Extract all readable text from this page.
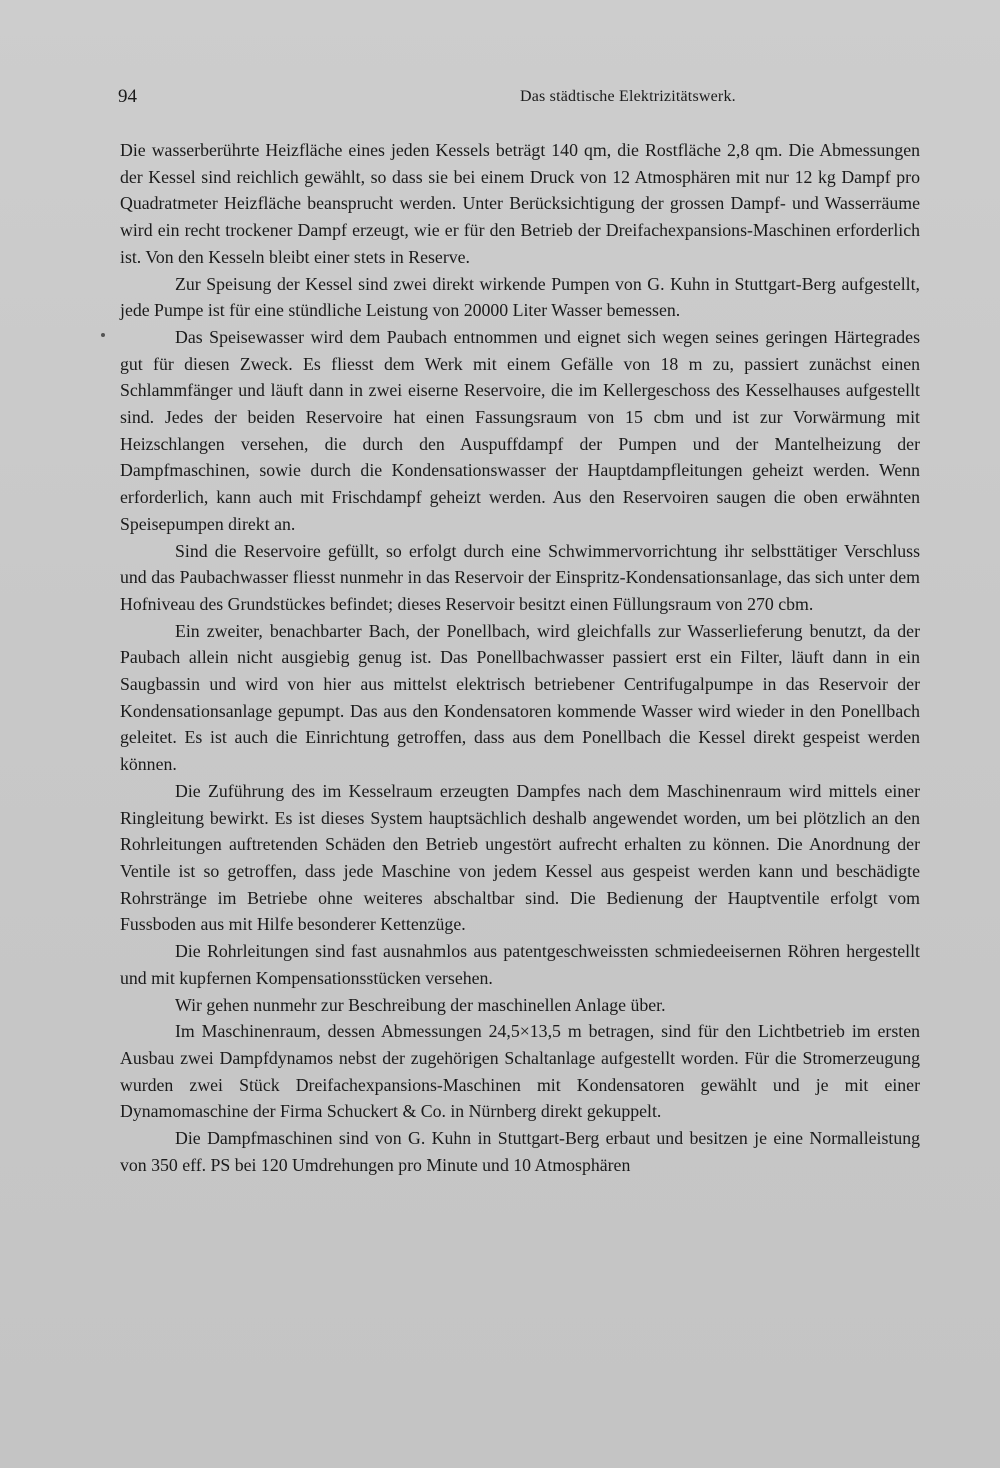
94	Das städtische Elektrizitätswerk.

Die wasserberührte Heizfläche eines jeden Kessels beträgt 140 qm, die Rostfläche 2,8 qm. Die Abmessungen der Kessel sind reichlich gewählt, so dass sie bei einem Druck von 12 Atmosphären mit nur 12 kg Dampf pro Quadratmeter Heizfläche beansprucht werden. Unter Berücksichtigung der grossen Dampf- und Wasserräume wird ein recht trockener Dampf erzeugt, wie er für den Betrieb der Dreifachexpansions-Maschinen erforderlich ist. Von den Kesseln bleibt einer stets in Reserve.

Zur Speisung der Kessel sind zwei direkt wirkende Pumpen von G. Kuhn in Stuttgart-Berg aufgestellt, jede Pumpe ist für eine stündliche Leistung von 20000 Liter Wasser bemessen.

Das Speisewasser wird dem Paubach entnommen und eignet sich wegen seines geringen Härtegrades gut für diesen Zweck. Es fliesst dem Werk mit einem Gefälle von 18 m zu, passiert zunächst einen Schlammfänger und läuft dann in zwei eiserne Reservoire, die im Kellergeschoss des Kesselhauses aufgestellt sind. Jedes der beiden Reservoire hat einen Fassungsraum von 15 cbm und ist zur Vorwärmung mit Heizschlangen versehen, die durch den Auspuffdampf der Pumpen und der Mantelheizung der Dampfmaschinen, sowie durch die Kondensationswasser der Hauptdampfleitungen geheizt werden. Wenn erforderlich, kann auch mit Frischdampf geheizt werden. Aus den Reservoiren saugen die oben erwähnten Speisepumpen direkt an.

Sind die Reservoire gefüllt, so erfolgt durch eine Schwimmervorrichtung ihr selbsttätiger Verschluss und das Paubachwasser fliesst nunmehr in das Reservoir der Einspritz-Kondensationsanlage, das sich unter dem Hofniveau des Grundstückes befindet; dieses Reservoir besitzt einen Füllungsraum von 270 cbm.

Ein zweiter, benachbarter Bach, der Ponellbach, wird gleichfalls zur Wasserlieferung benutzt, da der Paubach allein nicht ausgiebig genug ist. Das Ponellbachwasser passiert erst ein Filter, läuft dann in ein Saugbassin und wird von hier aus mittelst elektrisch betriebener Centrifugalpumpe in das Reservoir der Kondensationsanlage gepumpt. Das aus den Kondensatoren kommende Wasser wird wieder in den Ponellbach geleitet. Es ist auch die Einrichtung getroffen, dass aus dem Ponellbach die Kessel direkt gespeist werden können.

Die Zuführung des im Kesselraum erzeugten Dampfes nach dem Maschinenraum wird mittels einer Ringleitung bewirkt. Es ist dieses System hauptsächlich deshalb angewendet worden, um bei plötzlich an den Rohrleitungen auftretenden Schäden den Betrieb ungestört aufrecht erhalten zu können. Die Anordnung der Ventile ist so getroffen, dass jede Maschine von jedem Kessel aus gespeist werden kann und beschädigte Rohrstränge im Betriebe ohne weiteres abschaltbar sind. Die Bedienung der Hauptventile erfolgt vom Fussboden aus mit Hilfe besonderer Kettenzüge.

Die Rohrleitungen sind fast ausnahmlos aus patentgeschweissten schmiedeeisernen Röhren hergestellt und mit kupfernen Kompensationsstücken versehen.

Wir gehen nunmehr zur Beschreibung der maschinellen Anlage über.

Im Maschinenraum, dessen Abmessungen 24,5×13,5 m betragen, sind für den Lichtbetrieb im ersten Ausbau zwei Dampfdynamos nebst der zugehörigen Schaltanlage aufgestellt worden. Für die Stromerzeugung wurden zwei Stück Dreifachexpansions-Maschinen mit Kondensatoren gewählt und je mit einer Dynamomaschine der Firma Schuckert & Co. in Nürnberg direkt gekuppelt.

Die Dampfmaschinen sind von G. Kuhn in Stuttgart-Berg erbaut und besitzen je eine Normalleistung von 350 eff. PS bei 120 Umdrehungen pro Minute und 10 Atmosphären
